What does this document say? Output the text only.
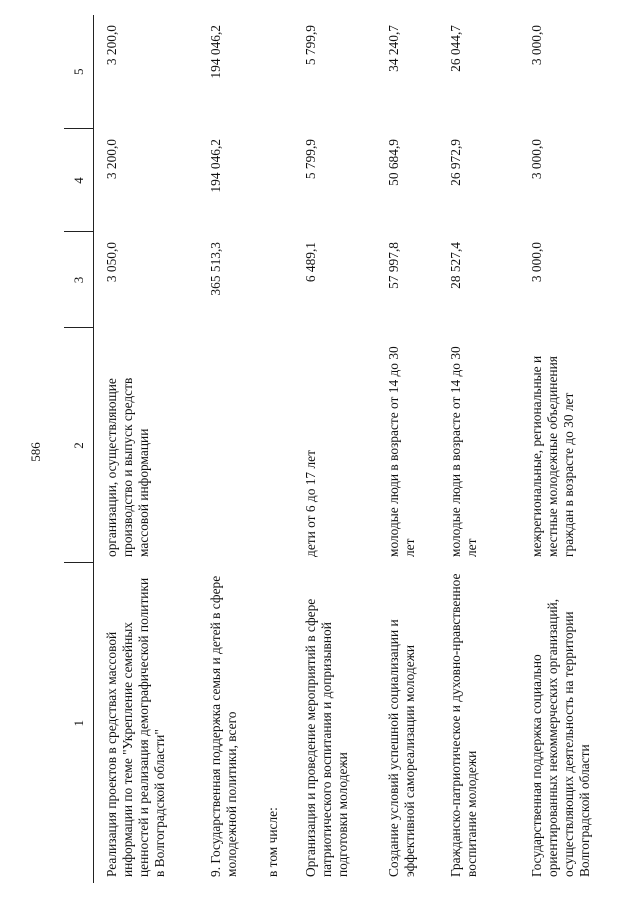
586
1	2	3	4	5
Реализация проектов в средствах массовой информации по теме "Укрепление семейных ценностей и реализация демографической политики в Волгоградской области"	организации, осуществляющие производство и выпуск средств массовой информации	3 050,0	3 200,0	3 200,0
9. Государственная поддержка семья и детей в сфере молодежной политики, всего		365 513,3	194 046,2	194 046,2
в том числе:				
Организация и проведение мероприятий в сфере патриотического воспитания и допризывной подготовки молодежи	дети от 6 до 17 лет	6 489,1	5 799,9	5 799,9
Создание условий успешной социализации и эффективной самореализации молодежи	молодые люди в возрасте от 14 до 30 лет	57 997,8	50 684,9	34 240,7
Гражданско-патриотическое и духовно-нравственное воспитание молодежи	молодые люди в возрасте от 14 до 30 лет	28 527,4	26 972,9	26 044,7
Государственная поддержка социально ориентированных некоммерческих организаций, осуществляющих деятельность на территории Волгоградской области	межрегиональные, региональные и местные молодежные объединения граждан в возрасте до 30 лет	3 000,0	3 000,0	3 000,0
